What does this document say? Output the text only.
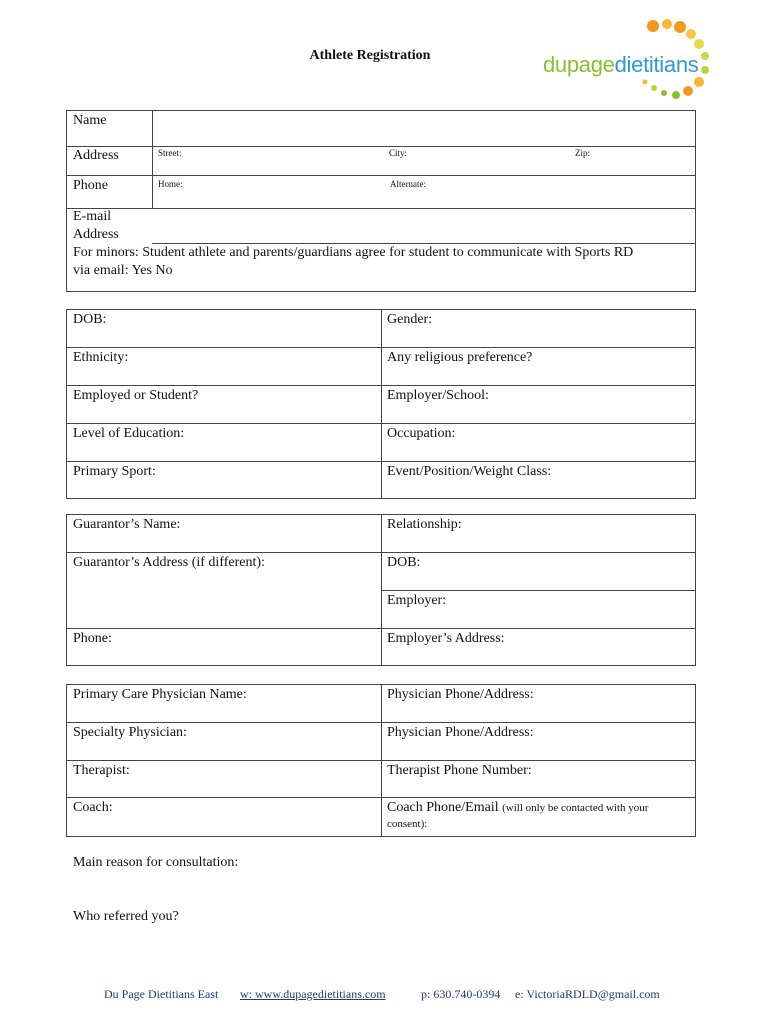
Athlete Registration	dupagedietitians
Name
Address	Street:	City:	Zip:
Phone	Home:	Alternate:
E-mail
Address
For minors: Student athlete and parents/guardians agree for student to communicate with Sports RD
via email: Yes No
DOB:	Gender:
Ethnicity:	Any religious preference?
Employed or Student?	Employer/School:
Level of Education:	Occupation:
Primary Sport:	Event/Position/Weight Class:
Guarantor’s Name:	Relationship:
Guarantor’s Address (if different):	DOB:
Employer:
Phone:	Employer’s Address:
Primary Care Physician Name:	Physician Phone/Address:
Specialty Physician:	Physician Phone/Address:
Therapist:	Therapist Phone Number:
Coach:	Coach Phone/Email (will only be contacted with your
consent):
Main reason for consultation:
Who referred you?
Du Page Dietitians East w: www.dupagedietitians.com	p: 630.740-0394 e: VictoriaRDLD@gmail.com
